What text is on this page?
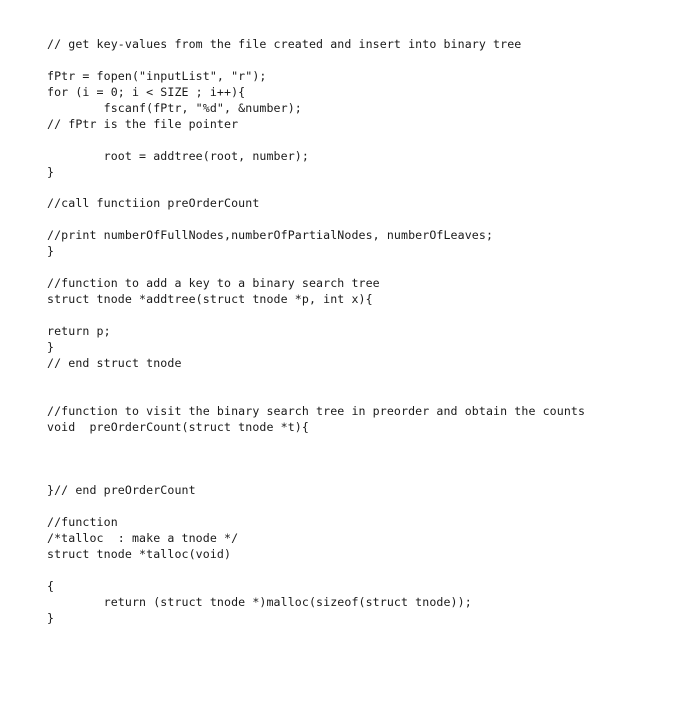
// get key-values from the file created and insert into binary tree
fPtr = fopen("inputList", "r");
for (i = 0; i < SIZE ; i++){
fscanf(fPtr, "%d", &number);
// fPtr is the file pointer
root = addtree(root, number);
}
//call functiion preOrderCount
//print numberOfFullNodes,numberOfPartialNodes, numberOfLeaves;
}
//function to add a key to a binary search tree
struct tnode *addtree(struct tnode *p, int x){
return p;
}
// end struct tnode
//function to visit the binary search tree in preorder and obtain the counts
void  preOrderCount(struct tnode *t){
}// end preOrderCount
//function
/*talloc  : make a tnode */
struct tnode *talloc(void)
{
return (struct tnode *)malloc(sizeof(struct tnode));
}
